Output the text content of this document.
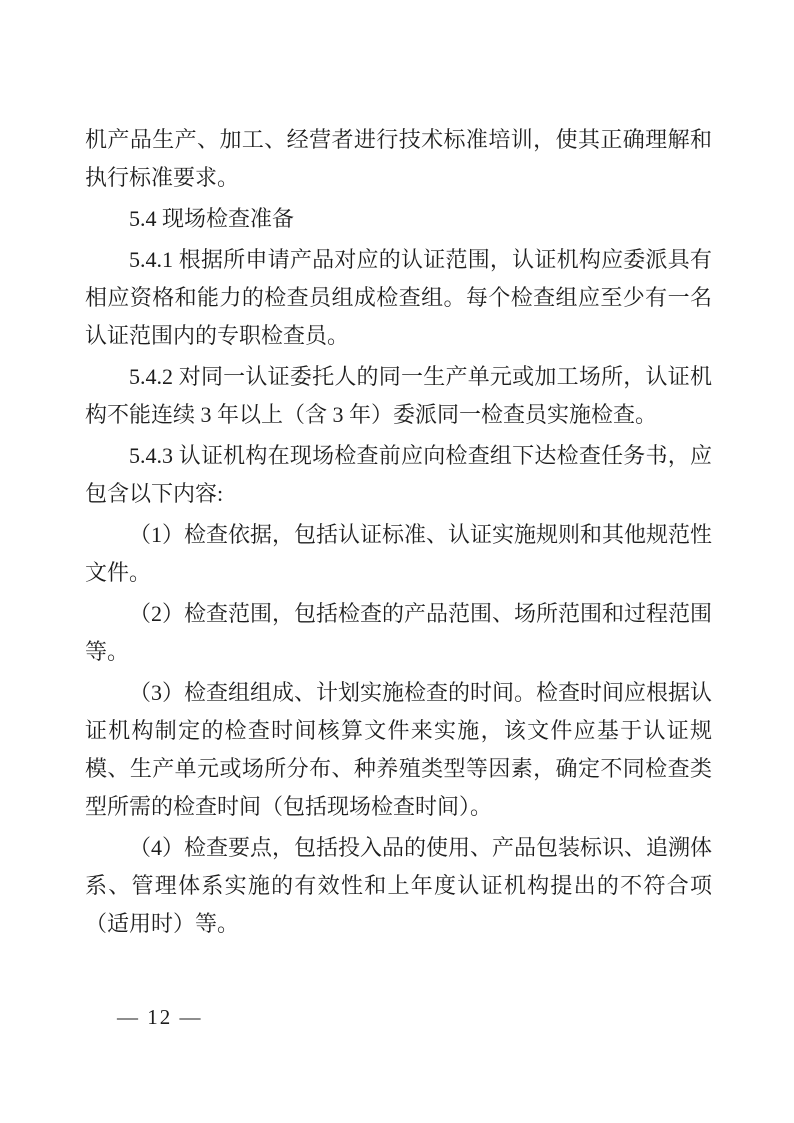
机产品生产、加工、经营者进行技术标准培训，使其正确理解和执行标准要求。

5.4 现场检查准备

5.4.1 根据所申请产品对应的认证范围，认证机构应委派具有相应资格和能力的检查员组成检查组。每个检查组应至少有一名认证范围内的专职检查员。

5.4.2 对同一认证委托人的同一生产单元或加工场所，认证机构不能连续 3 年以上（含 3 年）委派同一检查员实施检查。

5.4.3 认证机构在现场检查前应向检查组下达检查任务书，应包含以下内容:

（1）检查依据，包括认证标准、认证实施规则和其他规范性文件。

（2）检查范围，包括检查的产品范围、场所范围和过程范围等。

（3）检查组组成、计划实施检查的时间。检查时间应根据认证机构制定的检查时间核算文件来实施，该文件应基于认证规模、生产单元或场所分布、种养殖类型等因素，确定不同检查类型所需的检查时间（包括现场检查时间）。

（4）检查要点，包括投入品的使用、产品包装标识、追溯体系、管理体系实施的有效性和上年度认证机构提出的不符合项（适用时）等。

— 12 —
